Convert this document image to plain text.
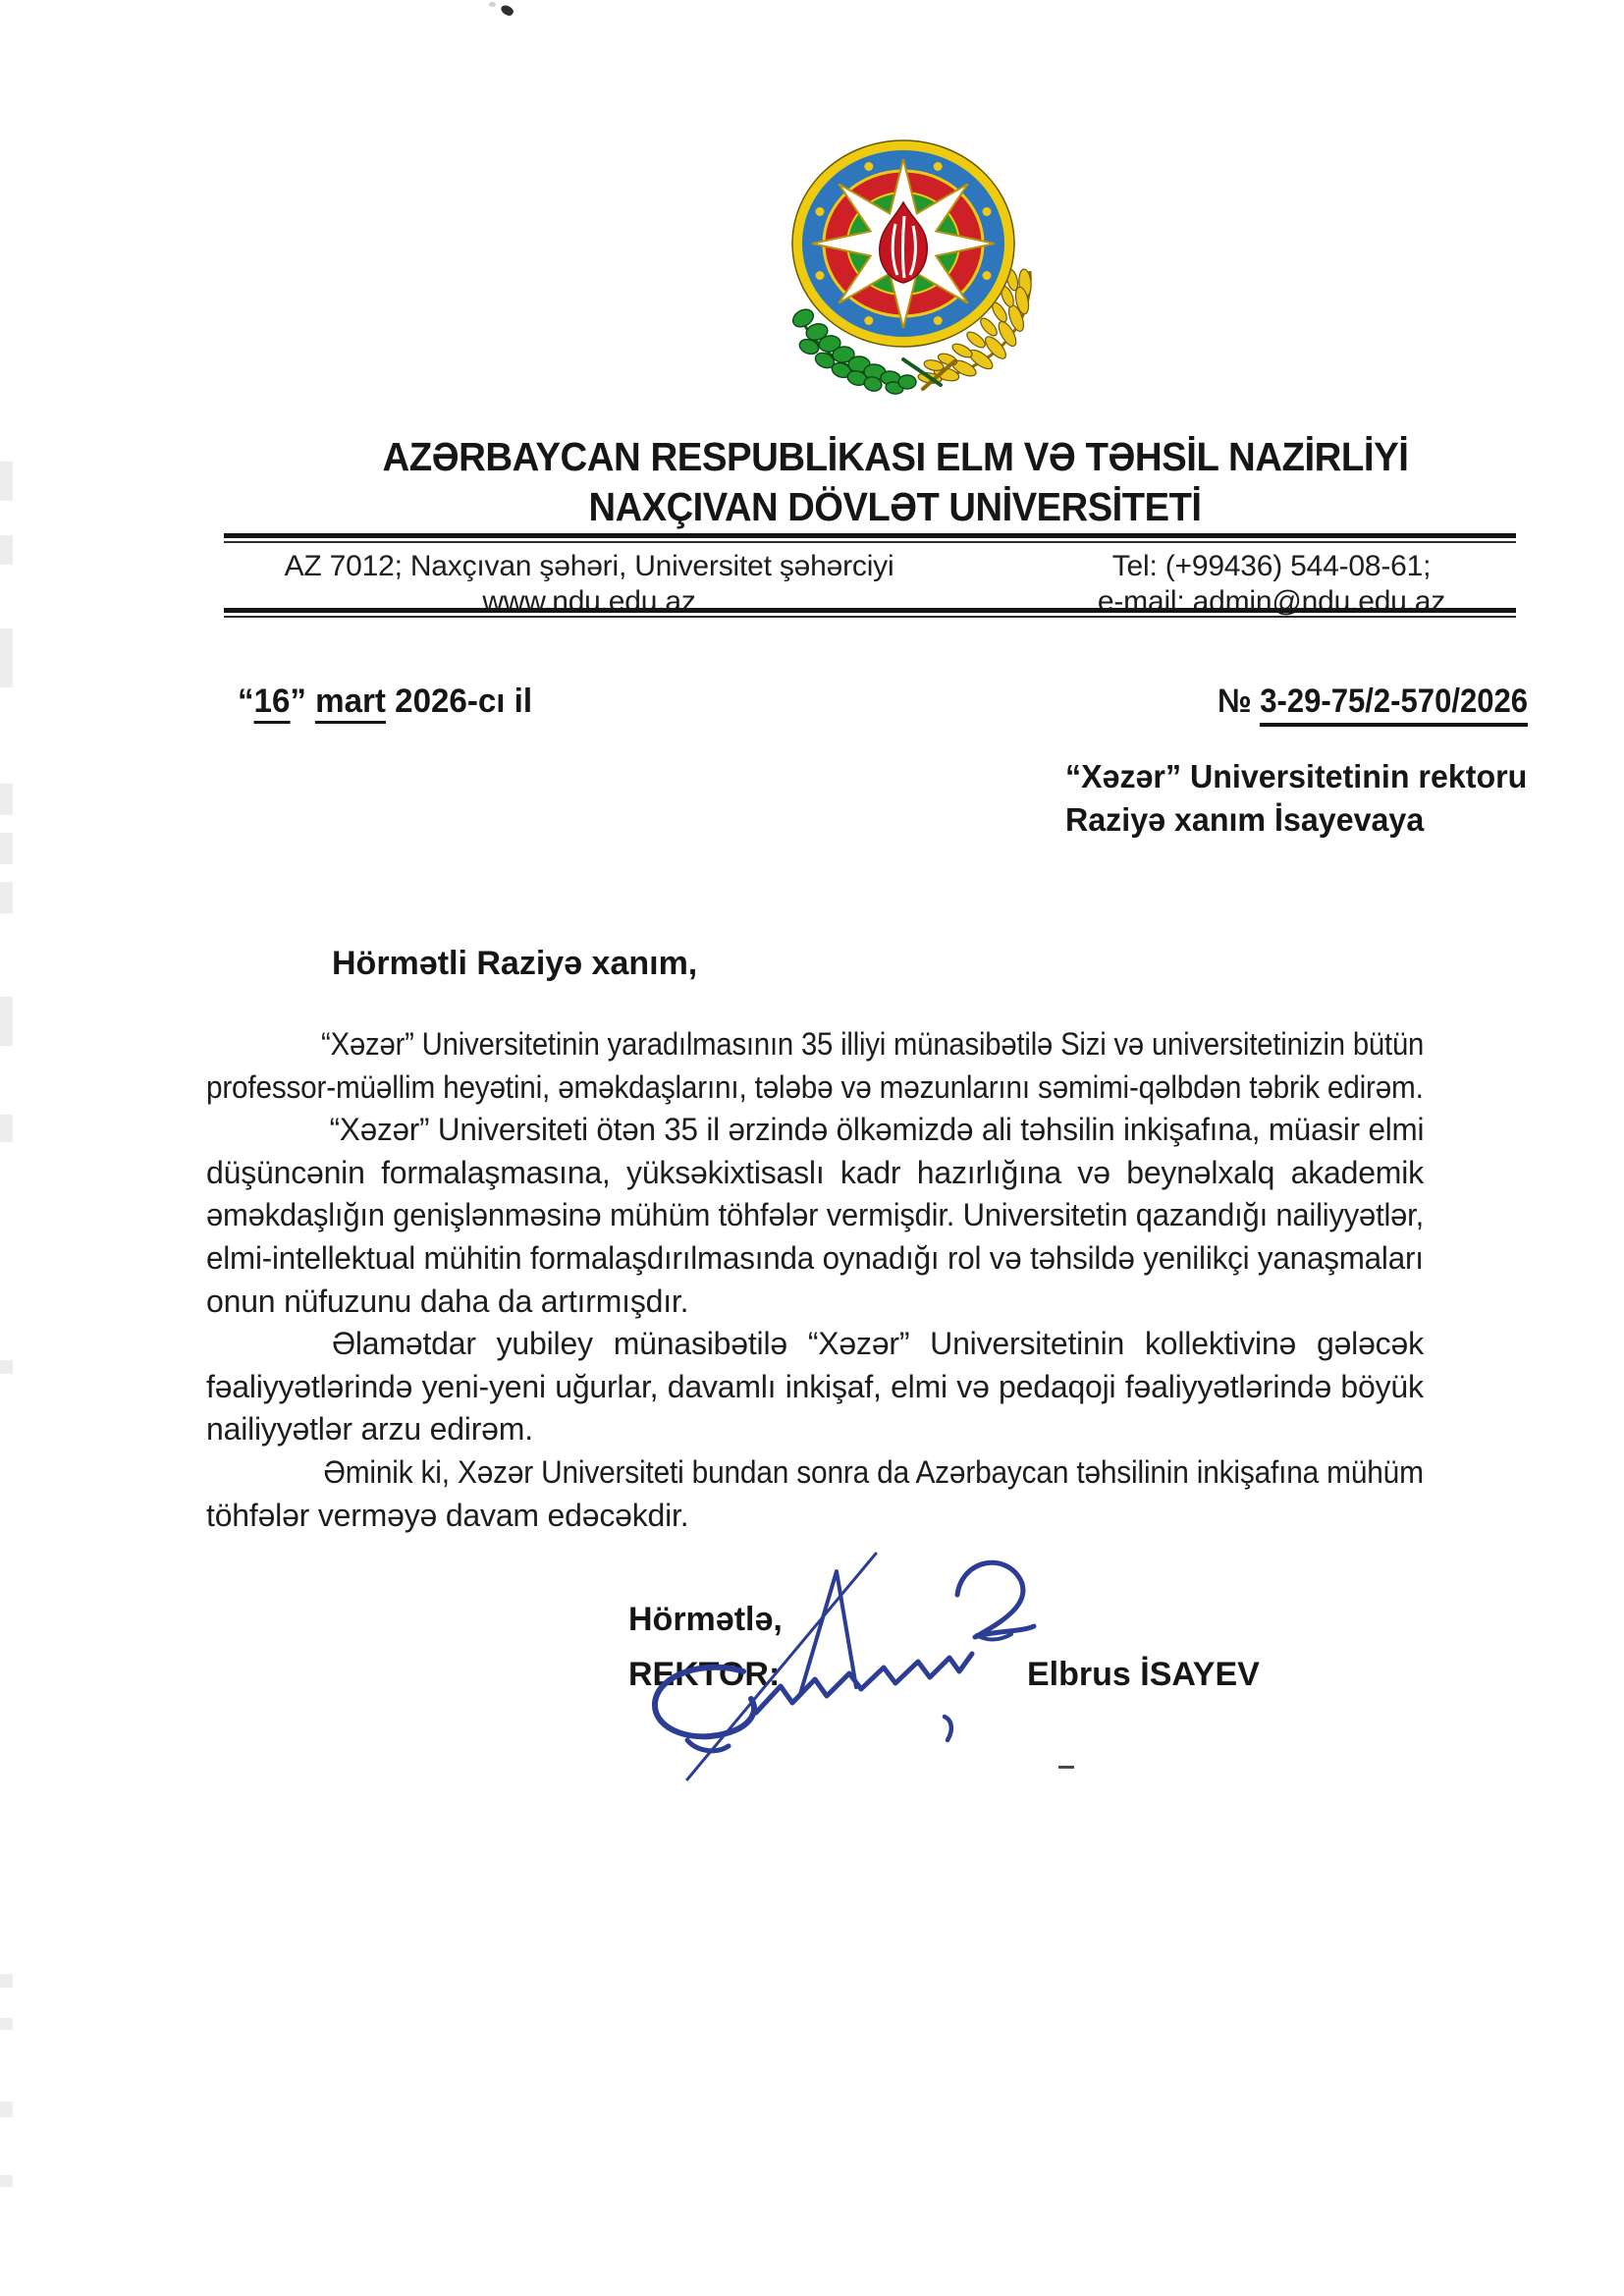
AZƏRBAYCAN RESPUBLİKASI ELM VƏ TƏHSİL NAZİRLİYİ
NAXÇIVAN DÖVLƏT UNİVERSİTETİ
AZ 7012; Naxçıvan şəhəri, Universitet şəhərciyi
www.ndu.edu.az
Tel: (+99436) 544-08-61;
e-mail: admin@ndu.edu.az
“16” mart 2026-cı il	№ 3-29-75/2-570/2026
“Xəzər” Universitetinin rektoru
Raziyə xanım İsayevaya
Hörmətli Raziyə xanım,
“Xəzər” Universitetinin yaradılmasının 35 illiyi münasibətilə Sizi və universitetinizin bütün
professor-müəllim heyətini, əməkdaşlarını, tələbə və məzunlarını səmimi-qəlbdən təbrik edirəm.
“Xəzər” Universiteti ötən 35 il ərzində ölkəmizdə ali təhsilin inkişafına, müasir elmi
düşüncənin formalaşmasına, yüksəkixtisaslı kadr hazırlığına və beynəlxalq akademik
əməkdaşlığın genişlənməsinə mühüm töhfələr vermişdir. Universitetin qazandığı nailiyyətlər,
elmi-intellektual mühitin formalaşdırılmasında oynadığı rol və təhsildə yenilikçi yanaşmaları
onun nüfuzunu daha da artırmışdır.
Əlamətdar yubiley münasibətilə “Xəzər” Universitetinin kollektivinə gələcək
fəaliyyətlərində yeni-yeni uğurlar, davamlı inkişaf, elmi və pedaqoji fəaliyyətlərində böyük
nailiyyətlər arzu edirəm.
Əminik ki, Xəzər Universiteti bundan sonra da Azərbaycan təhsilinin inkişafına mühüm
töhfələr verməyə davam edəcəkdir.
Hörmətlə,
REKTOR:	Elbrus İSAYEV
